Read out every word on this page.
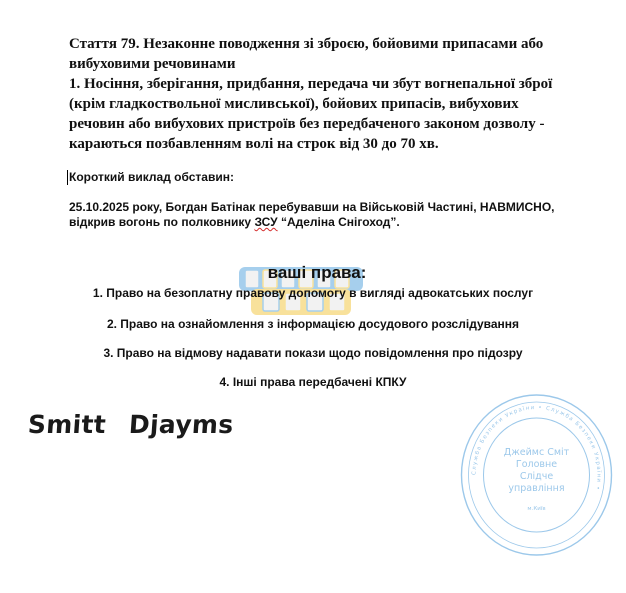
Стаття 79. Незаконне поводження зі зброєю, бойовими припасами або
вибуховими речовинами

1. Носіння, зберігання, придбання, передача чи збут вогнепальної зброї
(крім гладкоствольної мисливської), бойових припасів, вибухових
речовин або вибухових пристроїв без передбаченого законом дозволу -
караються позбавленням волі на строк від 30 до 70 хв.

Короткий виклад обставин:
25.10.2025 року, Богдан Батінак перебувавши на Військовій Частині, НАВМИСНО,
відкрив вогонь по полковнику ЗСУ “Аделіна Снігоход”.
ваші права:
1. Право на безоплатну правову допомогу в вигляді адвокатських послуг
2. Право на ознайомлення з інформацією досудового розслідування
3. Право на відмову надавати покази щодо повідомлення про підозру
4. Інші права передбачені КПКУ
Smitt Djayms
Служба Безпеки України • Служба Безпеки України •
Джеймс Сміт
Головне
Слідче
управління
м.Київ
